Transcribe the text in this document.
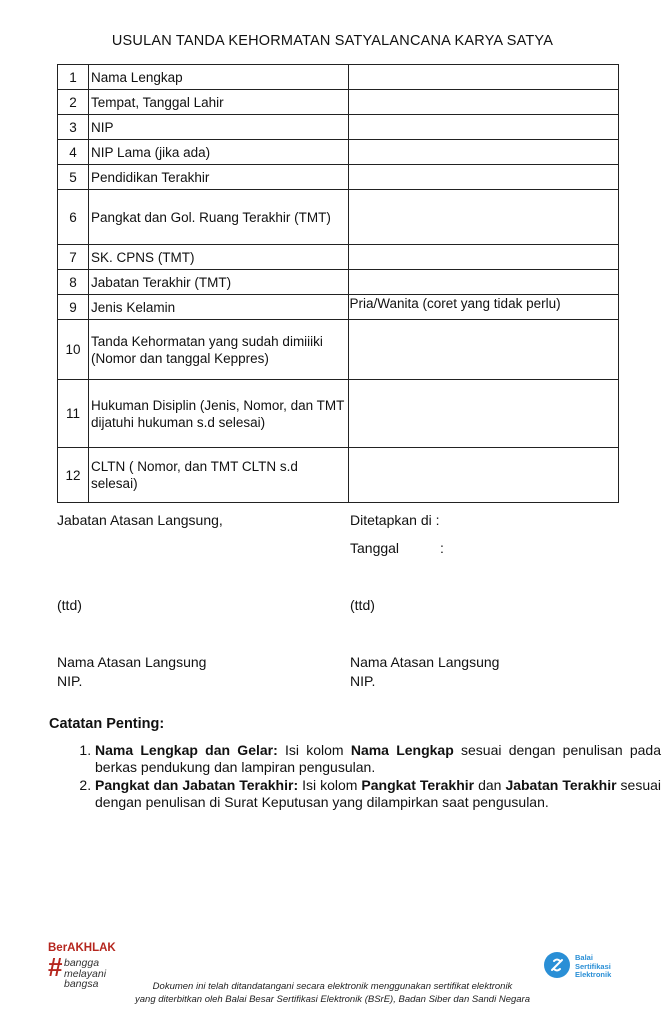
USULAN TANDA KEHORMATAN SATYALANCANA KARYA SATYA
1	Nama Lengkap	
2	Tempat, Tanggal Lahir	
3	NIP	
4	NIP Lama (jika ada)	
5	Pendidikan Terakhir	
6	Pangkat dan Gol. Ruang Terakhir (TMT)	
7	SK. CPNS (TMT)	
8	Jabatan Terakhir (TMT)	
9	Jenis Kelamin	Pria/Wanita (coret yang tidak perlu)
10	Tanda Kehormatan yang sudah dimiiiki (Nomor dan tanggal Keppres)	
11	Hukuman Disiplin (Jenis, Nomor, dan TMT dijatuhi hukuman s.d selesai)	
12	CLTN ( Nomor, dan TMT CLTN s.d selesai)	
Jabatan Atasan Langsung,	Ditetapkan di :
Tanggal	:
(ttd)	(ttd)
Nama Atasan Langsung
NIP.
Nama Atasan Langsung
NIP.
Catatan Penting:
1. Nama Lengkap dan Gelar: Isi kolom Nama Lengkap sesuai dengan penulisan pada berkas pendukung dan lampiran pengusulan.
2. Pangkat dan Jabatan Terakhir: Isi kolom Pangkat Terakhir dan Jabatan Terakhir sesuai dengan penulisan di Surat Keputusan yang dilampirkan saat pengusulan.
BerAKHLAK
# bangga
melayani
bangsa
Balai
Sertifikasi
Elektronik
Dokumen ini telah ditandatangani secara elektronik menggunakan sertifikat elektronik
yang diterbitkan oleh Balai Besar Sertifikasi Elektronik (BSrE), Badan Siber dan Sandi Negara
